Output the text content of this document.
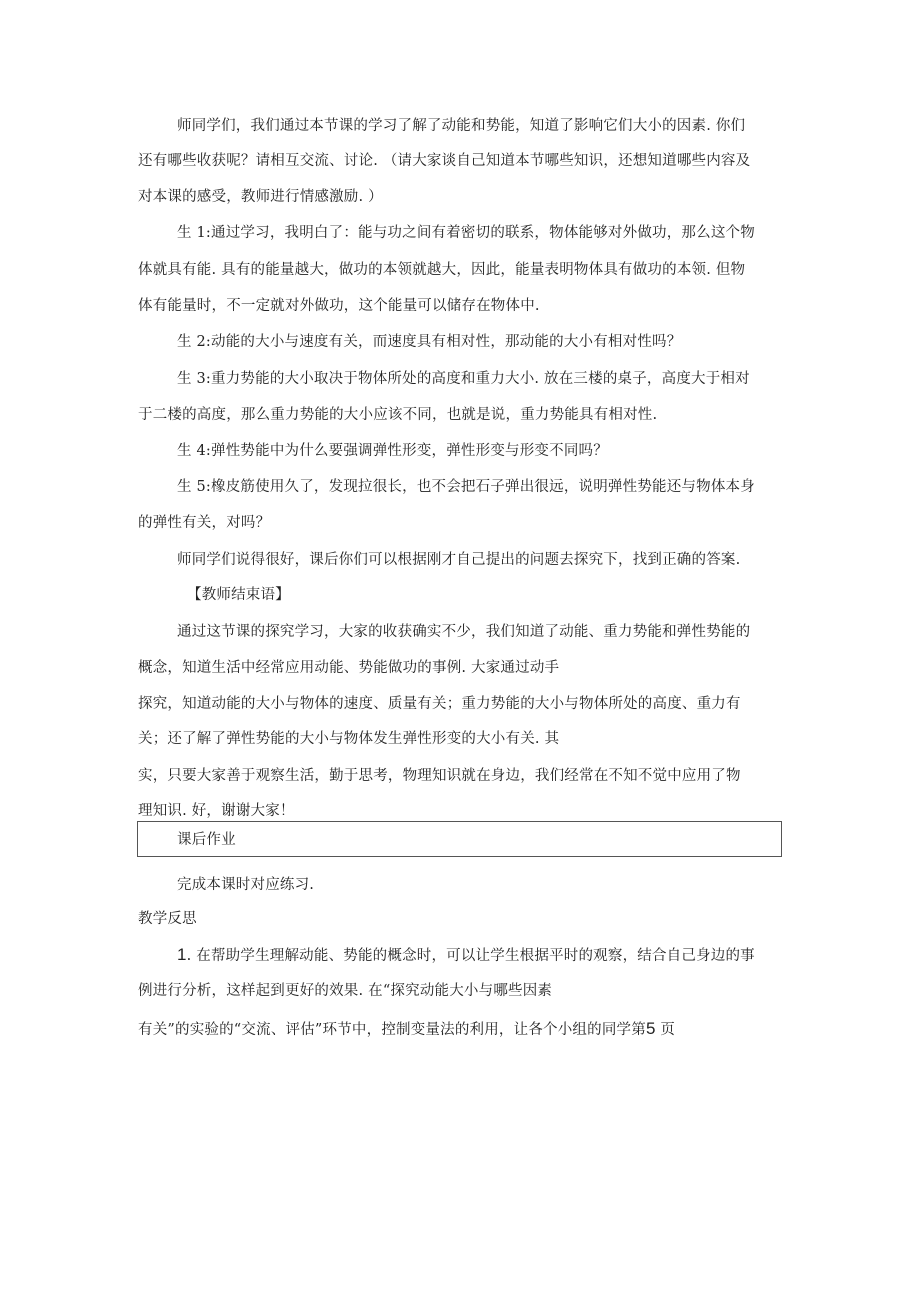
师同学们，我们通过本节课的学习了解了动能和势能，知道了影响它们大小的因素. 你们
还有哪些收获呢？请相互交流、讨论. （请大家谈自己知道本节哪些知识，还想知道哪些内容及
对本课的感受，教师进行情感激励. ）
生 1:通过学习，我明白了：能与功之间有着密切的联系，物体能够对外做功，那么这个物
体就具有能. 具有的能量越大，做功的本领就越大，因此，能量表明物体具有做功的本领. 但物
体有能量时，不一定就对外做功，这个能量可以储存在物体中.
生 2:动能的大小与速度有关，而速度具有相对性，那动能的大小有相对性吗？
生 3:重力势能的大小取决于物体所处的高度和重力大小. 放在三楼的桌子，高度大于相对
于二楼的高度，那么重力势能的大小应该不同，也就是说，重力势能具有相对性.
生 4:弹性势能中为什么要强调弹性形变，弹性形变与形变不同吗？
生 5:橡皮筋使用久了，发现拉很长，也不会把石子弹出很远，说明弹性势能还与物体本身
的弹性有关，对吗？
师同学们说得很好，课后你们可以根据刚才自己提出的问题去探究下，找到正确的答案.
【教师结束语】
通过这节课的探究学习，大家的收获确实不少，我们知道了动能、重力势能和弹性势能的
概念，知道生活中经常应用动能、势能做功的事例. 大家通过动手
探究，知道动能的大小与物体的速度、质量有关；重力势能的大小与物体所处的高度、重力有
关；还了解了弹性势能的大小与物体发生弹性形变的大小有关. 其
实，只要大家善于观察生活，勤于思考，物理知识就在身边，我们经常在不知不觉中应用了物
理知识. 好，谢谢大家！
课后作业
完成本课时对应练习.
教学反思
1. 在帮助学生理解动能、势能的概念时，可以让学生根据平时的观察，结合自己身边的事
例进行分析，这样起到更好的效果. 在“探究动能大小与哪些因素
有关”的实验的“交流、评估”环节中，控制变量法的利用，让各个小组的同学第5 页
